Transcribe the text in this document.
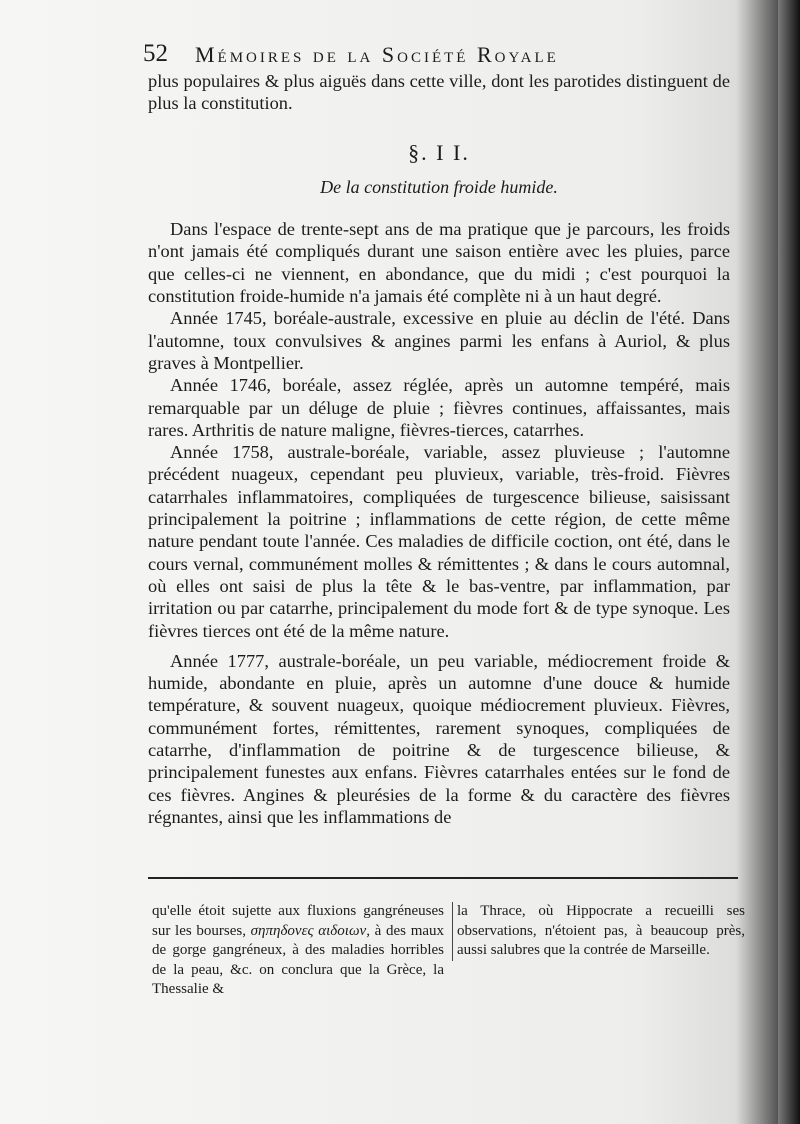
52 Mémoires de la Société Royale

plus populaires & plus aiguës dans cette ville, dont les parotides distinguent de plus la constitution.

§. I I.

De la constitution froide humide.

Dans l'espace de trente-sept ans de ma pratique que je parcours, les froids n'ont jamais été compliqués durant une saison entière avec les pluies, parce que celles-ci ne viennent, en abondance, que du midi ; c'est pourquoi la constitution froide-humide n'a jamais été complète ni à un haut degré.

Année 1745, boréale-australe, excessive en pluie au déclin de l'été. Dans l'automne, toux convulsives & angines parmi les enfans à Auriol, & plus graves à Montpellier.

Année 1746, boréale, assez réglée, après un automne tempéré, mais remarquable par un déluge de pluie ; fièvres continues, affaissantes, mais rares. Arthritis de nature maligne, fièvres-tierces, catarrhes.

Année 1758, australe-boréale, variable, assez pluvieuse ; l'automne précédent nuageux, cependant peu pluvieux, variable, très-froid. Fièvres catarrhales inflammatoires, compliquées de turgescence bilieuse, saisissant principalement la poitrine ; inflammations de cette région, de cette même nature pendant toute l'année. Ces maladies de difficile coction, ont été, dans le cours vernal, communément molles & rémittentes ; & dans le cours automnal, où elles ont saisi de plus la tête & le bas-ventre, par inflammation, par irritation ou par catarrhe, principalement du mode fort & de type synoque. Les fièvres tierces ont été de la même nature.

Année 1777, australe-boréale, un peu variable, médiocrement froide & humide, abondante en pluie, après un automne d'une douce & humide température, & souvent nuageux, quoique médiocrement pluvieux. Fièvres, communément fortes, rémittentes, rarement synoques, compliquées de catarrhe, d'inflammation de poitrine & de turgescence bilieuse, & principalement funestes aux enfans. Fièvres catarrhales entées sur le fond de ces fièvres. Angines & pleurésies de la forme & du caractère des fièvres régnantes, ainsi que les inflammations de

qu'elle étoit sujette aux fluxions gangréneuses sur les bourses, σηπηδονες αιδοιων, à des maux de gorge gangréneux, à des maladies horribles de la peau, &c. on conclura que la Grèce, la Thessalie &
la Thrace, où Hippocrate a recueilli ses observations, n'étoient pas, à beaucoup près, aussi salubres que la contrée de Marseille.
